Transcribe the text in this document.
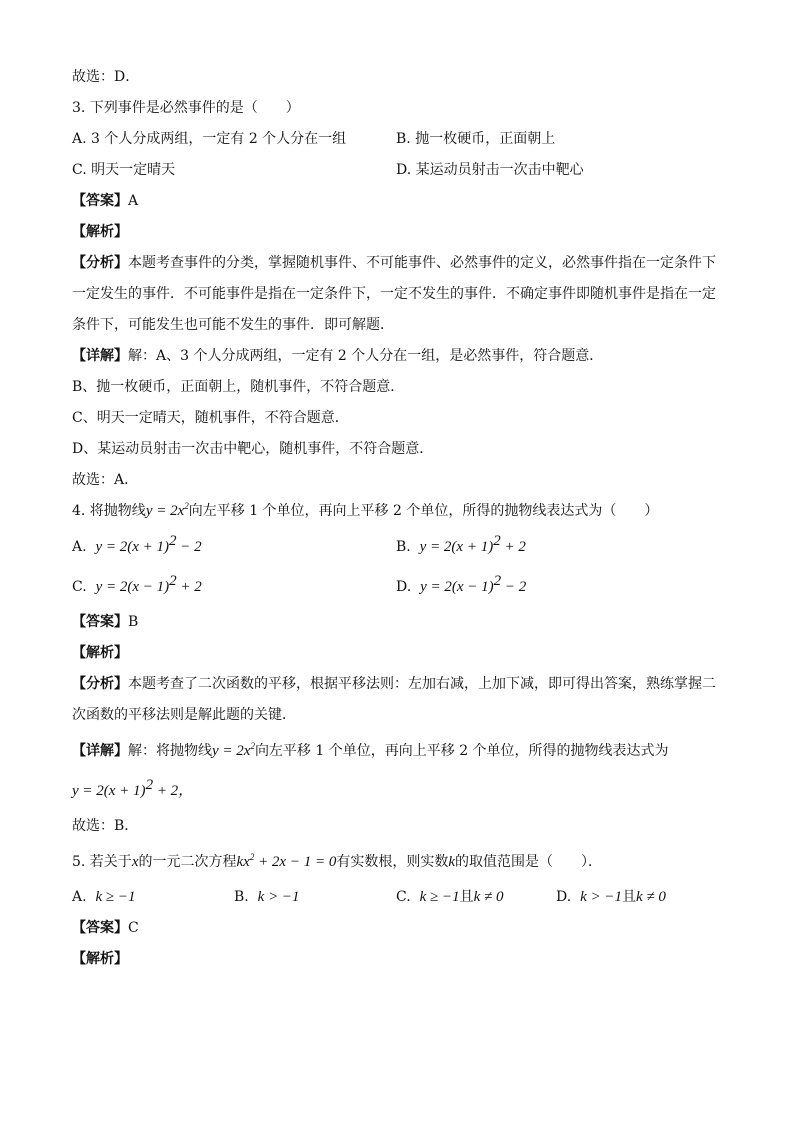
故选：D．
3. 下列事件是必然事件的是（　　）
A. 3 个人分成两组，一定有 2 个人分在一组	B. 抛一枚硬币，正面朝上
C. 明天一定晴天	D. 某运动员射击一次击中靶心
【答案】A
【解析】
【分析】本题考查事件的分类，掌握随机事件、不可能事件、必然事件的定义，必然事件指在一定条件下
一定发生的事件．不可能事件是指在一定条件下，一定不发生的事件．不确定事件即随机事件是指在一定
条件下，可能发生也可能不发生的事件．即可解题．
【详解】解：A、3 个人分成两组，一定有 2 个人分在一组，是必然事件，符合题意．
B、抛一枚硬币，正面朝上，随机事件，不符合题意．
C、明天一定晴天，随机事件，不符合题意．
D、某运动员射击一次击中靶心，随机事件，不符合题意．
故选：A．
4. 将抛物线$y = 2x^2$向左平移 1 个单位，再向上平移 2 个单位，所得的抛物线表达式为（　　）
A. $y = 2(x + 1)^2 - 2$	B. $y = 2(x + 1)^2 + 2$
C. $y = 2(x - 1)^2 + 2$	D. $y = 2(x - 1)^2 - 2$
【答案】B
【解析】
【分析】本题考查了二次函数的平移，根据平移法则：左加右减，上加下减，即可得出答案，熟练掌握二
次函数的平移法则是解此题的关键．
【详解】解：将抛物线$y = 2x^2$向左平移 1 个单位，再向上平移 2 个单位，所得的抛物线表达式为
$y = 2(x + 1)^2 + 2$，
故选：B．
5. 若关于x的一元二次方程$kx^2 + 2x - 1 = 0$有实数根，则实数k的取值范围是（　　）．
A. k ≥ −1	B. k > −1	C. k ≥ −1且k ≠ 0	D. k > −1且k ≠ 0
【答案】C
【解析】
